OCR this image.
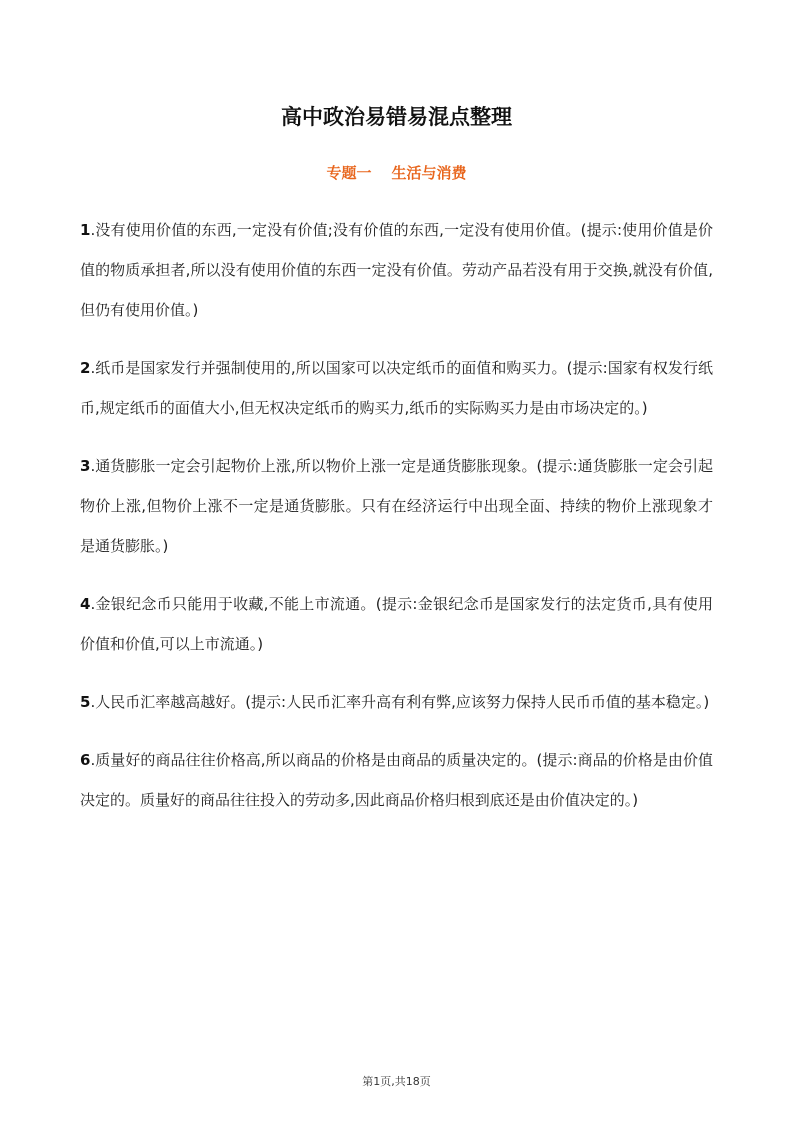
高中政治易错易混点整理
专题一 生活与消费

1.没有使用价值的东西,一定没有价值;没有价值的东西,一定没有使用价值。(提示:使用价值是价值的物质承担者,所以没有使用价值的东西一定没有价值。劳动产品若没有用于交换,就没有价值,但仍有使用价值。)

2.纸币是国家发行并强制使用的,所以国家可以决定纸币的面值和购买力。(提示:国家有权发行纸币,规定纸币的面值大小,但无权决定纸币的购买力,纸币的实际购买力是由市场决定的。)

3.通货膨胀一定会引起物价上涨,所以物价上涨一定是通货膨胀现象。(提示:通货膨胀一定会引起物价上涨,但物价上涨不一定是通货膨胀。只有在经济运行中出现全面、持续的物价上涨现象才是通货膨胀。)

4.金银纪念币只能用于收藏,不能上市流通。(提示:金银纪念币是国家发行的法定货币,具有使用价值和价值,可以上市流通。)

5.人民币汇率越高越好。(提示:人民币汇率升高有利有弊,应该努力保持人民币币值的基本稳定。)

6.质量好的商品往往价格高,所以商品的价格是由商品的质量决定的。(提示:商品的价格是由价值决定的。质量好的商品往往投入的劳动多,因此商品价格归根到底还是由价值决定的。)

第1页,共18页
